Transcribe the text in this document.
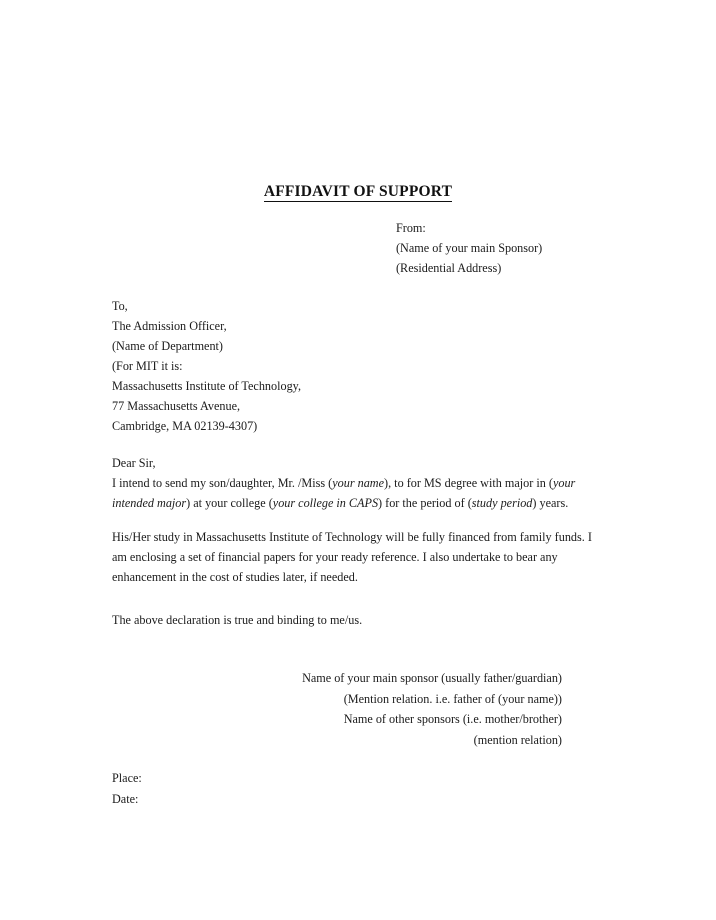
AFFIDAVIT OF SUPPORT
From:
(Name of your main Sponsor)
(Residential Address)
To,
The Admission Officer,
(Name of Department)
(For MIT it is:
Massachusetts Institute of Technology,
77 Massachusetts Avenue,
Cambridge, MA 02139-4307)
Dear Sir,
I intend to send my son/daughter, Mr. /Miss (your name), to for MS degree with major in (your intended major) at your college (your college in CAPS) for the period of (study period) years.
His/Her study in Massachusetts Institute of Technology will be fully financed from family funds. I am enclosing a set of financial papers for your ready reference. I also undertake to bear any enhancement in the cost of studies later, if needed.
The above declaration is true and binding to me/us.
Name of your main sponsor (usually father/guardian)
(Mention relation. i.e. father of (your name))
Name of other sponsors (i.e. mother/brother)
(mention relation)
Place:
Date:
